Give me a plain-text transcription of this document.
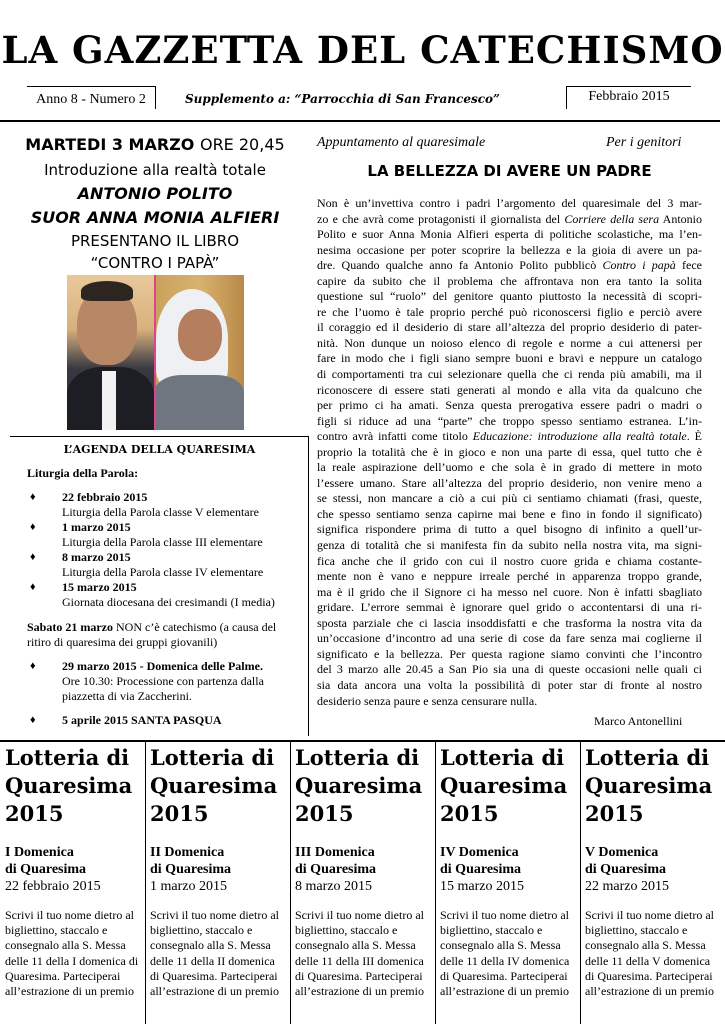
LA GAZZETTA DEL CATECHISMO
Anno 8 - Numero 2	Supplemento a: “Parrocchia di San Francesco”	Febbraio 2015
MARTEDI 3 MARZO ORE 20,45
Introduzione alla realtà totale
ANTONIO POLITO
SUOR ANNA MONIA ALFIERI
PRESENTANO IL LIBRO
“CONTRO I PAPÀ”
L’AGENDA DELLA QUARESIMA
Liturgia della Parola:
♦ 22 febbraio 2015
Liturgia della Parola classe V elementare
♦ 1 marzo 2015
Liturgia della Parola classe III elementare
♦ 8 marzo 2015
Liturgia della Parola classe IV elementare
♦ 15 marzo 2015
Giornata diocesana dei cresimandi (I media)
Sabato 21 marzo NON c’è catechismo (a causa del ritiro di quaresima dei gruppi giovanili)
♦ 29 marzo 2015 - Domenica delle Palme.
Ore 10.30: Processione con partenza dalla piazzetta di via Zaccherini.
♦ 5 aprile 2015 SANTA PASQUA
Appuntamento al quaresimale	Per i genitori
LA BELLEZZA DI AVERE UN PADRE

Non è un’invettiva contro i padri l’argomento del quaresimale del 3 mar-
zo e che avrà come protagonisti il giornalista del Corriere della sera Antonio
Polito e suor Anna Monia Alfieri esperta di politiche scolastiche, ma l’en-
nesima occasione per poter scoprire la bellezza e la gioia di avere un pa-
dre. Quando qualche anno fa Antonio Polito pubblicò Contro i papà fece
capire da subito che il problema che affrontava non era tanto la solita
questione sul “ruolo” del genitore quanto piuttosto la necessità di scopri-
re che l’uomo è tale proprio perché può riconoscersi figlio e perciò avere
il coraggio ed il desiderio di stare all’altezza del proprio desiderio di pater-
nità. Non dunque un noioso elenco di regole e norme a cui attenersi per
fare in modo che i figli siano sempre buoni e bravi e neppure un catalogo
di comportamenti tra cui selezionare quella che ci renda più amabili, ma il
riconoscere di essere stati generati al mondo e alla vita da qualcuno che
per primo ci ha amati. Senza questa prerogativa essere padri o madri o
figli si riduce ad una “parte” che troppo spesso sentiamo estranea. L’in-
contro avrà infatti come titolo Educazione: introduzione alla realtà totale. È
proprio la totalità che è in gioco e non una parte di essa, quel tutto che è
la reale aspirazione dell’uomo e che sola è in grado di mettere in moto
l’essere umano. Stare all’altezza del proprio desiderio, non venire meno a
se stessi, non mancare a ciò a cui più ci sentiamo chiamati (frasi, queste,
che spesso sentiamo senza capirne mai bene e fino in fondo il significato)
significa rispondere prima di tutto a quel bisogno di infinito a quell’ur-
genza di totalità che si manifesta fin da subito nella nostra vita, ma signi-
fica anche che il grido con cui il nostro cuore grida e chiama costante-
mente non è vano e neppure irreale perché in apparenza troppo grande,
ma è il grido che il Signore ci ha messo nel cuore. Non è infatti sbagliato
gridare. L’errore semmai è ignorare quel grido o accontentarsi di una ri-
sposta parziale che ci lascia insoddisfatti e che trasforma la nostra vita da
un’occasione d’incontro ad una serie di cose da fare senza mai coglierne il
significato e la bellezza. Per questa ragione siamo convinti che l’incontro
del 3 marzo alle 20.45 a San Pio sia una di queste occasioni nelle quali ci
sia data ancora una volta la possibilità di poter star di fronte al nostro
desiderio senza paure e senza censurare nulla.

Marco Antonellini
Lotteria di
Quaresima
2015
I Domenica
di Quaresima
22 febbraio 2015
Scrivi il tuo nome dietro al bigliettino, staccalo e consegnalo alla S. Messa delle 11 della I domenica di Quaresima. Parteciperai all’estrazione di un premio
Lotteria di
Quaresima
2015
II Domenica
di Quaresima
1 marzo 2015
Scrivi il tuo nome dietro al bigliettino, staccalo e consegnalo alla S. Messa delle 11 della II domenica di Quaresima. Parteciperai all’estrazione di un premio
Lotteria di
Quaresima
2015
III Domenica
di Quaresima
8 marzo 2015
Scrivi il tuo nome dietro al bigliettino, staccalo e consegnalo alla S. Messa delle 11 della III domenica di Quaresima. Parteciperai all’estrazione di un premio
Lotteria di
Quaresima
2015
IV Domenica
di Quaresima
15 marzo 2015
Scrivi il tuo nome dietro al bigliettino, staccalo e consegnalo alla S. Messa delle 11 della IV domenica di Quaresima. Parteciperai all’estrazione di un premio
Lotteria di
Quaresima
2015
V Domenica
di Quaresima
22 marzo 2015
Scrivi il tuo nome dietro al bigliettino, staccalo e consegnalo alla S. Messa delle 11 della V domenica di Quaresima. Parteciperai all’estrazione di un premio
